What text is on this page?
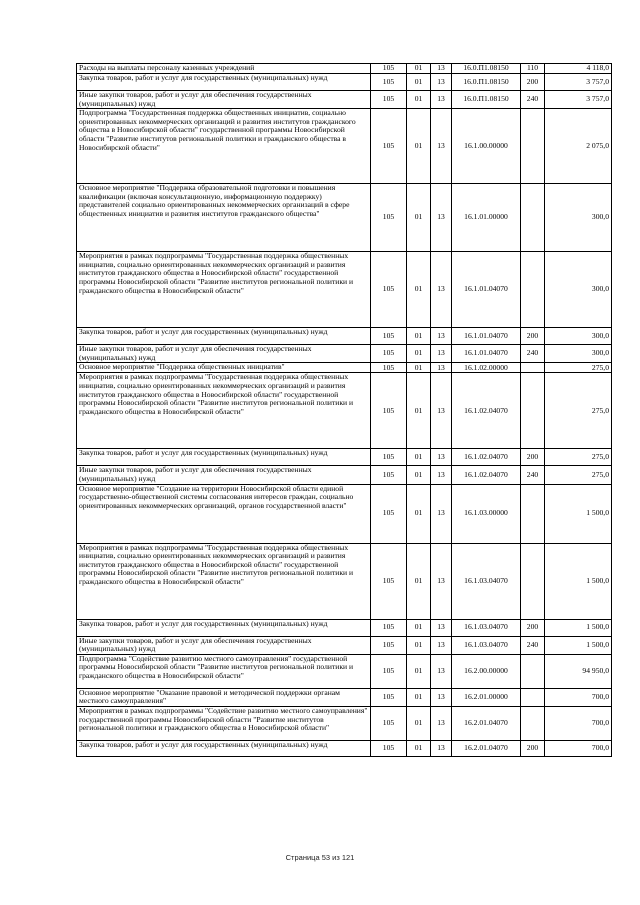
Расходы на выплаты персоналу казенных учреждений	105	01	13	16.0.П1.08150	110	4 118,0
Закупка товаров, работ и услуг для государственных (муниципальных) нужд	105	01	13	16.0.П1.08150	200	3 757,0
Иные закупки товаров, работ и услуг для обеспечения государственных (муниципальных) нужд	105	01	13	16.0.П1.08150	240	3 757,0
Подпрограмма "Государственная поддержка общественных инициатив, социально ориентированных некоммерческих организаций и развития институтов гражданского общества в Новосибирской области" государственной программы Новосибирской области "Развитие институтов региональной политики и гражданского общества в Новосибирской области"	105	01	13	16.1.00.00000		2 075,0
Основное мероприятие "Поддержка образовательной подготовки и повышения квалификации (включая консультационную, информационную поддержку) представителей социально ориентированных некоммерческих организаций в сфере общественных инициатив и развития институтов гражданского общества"	105	01	13	16.1.01.00000		300,0
Мероприятия в рамках подпрограммы "Государственная поддержка общественных инициатив, социально ориентированных некоммерческих организаций и развития институтов гражданского общества в Новосибирской области" государственной программы Новосибирской области "Развитие институтов региональной политики и гражданского общества в Новосибирской области"	105	01	13	16.1.01.04070		300,0
Закупка товаров, работ и услуг для государственных (муниципальных) нужд	105	01	13	16.1.01.04070	200	300,0
Иные закупки товаров, работ и услуг для обеспечения государственных (муниципальных) нужд	105	01	13	16.1.01.04070	240	300,0
Основное мероприятие "Поддержка общественных инициатив"	105	01	13	16.1.02.00000		275,0
Мероприятия в рамках подпрограммы "Государственная поддержка общественных инициатив, социально ориентированных некоммерческих организаций и развития институтов гражданского общества в Новосибирской области" государственной программы Новосибирской области "Развитие институтов региональной политики и гражданского общества в Новосибирской области"	105	01	13	16.1.02.04070		275,0
Закупка товаров, работ и услуг для государственных (муниципальных) нужд	105	01	13	16.1.02.04070	200	275,0
Иные закупки товаров, работ и услуг для обеспечения государственных (муниципальных) нужд	105	01	13	16.1.02.04070	240	275,0
Основное мероприятие "Создание на территории Новосибирской области единой государственно-общественной системы согласования интересов граждан, социально ориентированных некоммерческих организаций, органов государственной власти"	105	01	13	16.1.03.00000		1 500,0
Мероприятия в рамках подпрограммы "Государственная поддержка общественных инициатив, социально ориентированных некоммерческих организаций и развития институтов гражданского общества в Новосибирской области" государственной программы Новосибирской области "Развитие институтов региональной политики и гражданского общества в Новосибирской области"	105	01	13	16.1.03.04070		1 500,0
Закупка товаров, работ и услуг для государственных (муниципальных) нужд	105	01	13	16.1.03.04070	200	1 500,0
Иные закупки товаров, работ и услуг для обеспечения государственных (муниципальных) нужд	105	01	13	16.1.03.04070	240	1 500,0
Подпрограмма "Содействие развитию местного самоуправления" государственной программы Новосибирской области "Развитие институтов региональной политики и гражданского общества в Новосибирской области"	105	01	13	16.2.00.00000		94 950,0
Основное мероприятие "Оказание правовой и методической поддержки органам местного самоуправления"	105	01	13	16.2.01.00000		700,0
Мероприятия в рамках подпрограммы "Содействие развитию местного самоуправления" государственной программы Новосибирской области "Развитие институтов региональной политики и гражданского общества в Новосибирской области"	105	01	13	16.2.01.04070		700,0
Закупка товаров, работ и услуг для государственных (муниципальных) нужд	105	01	13	16.2.01.04070	200	700,0
Страница 53 из 121
